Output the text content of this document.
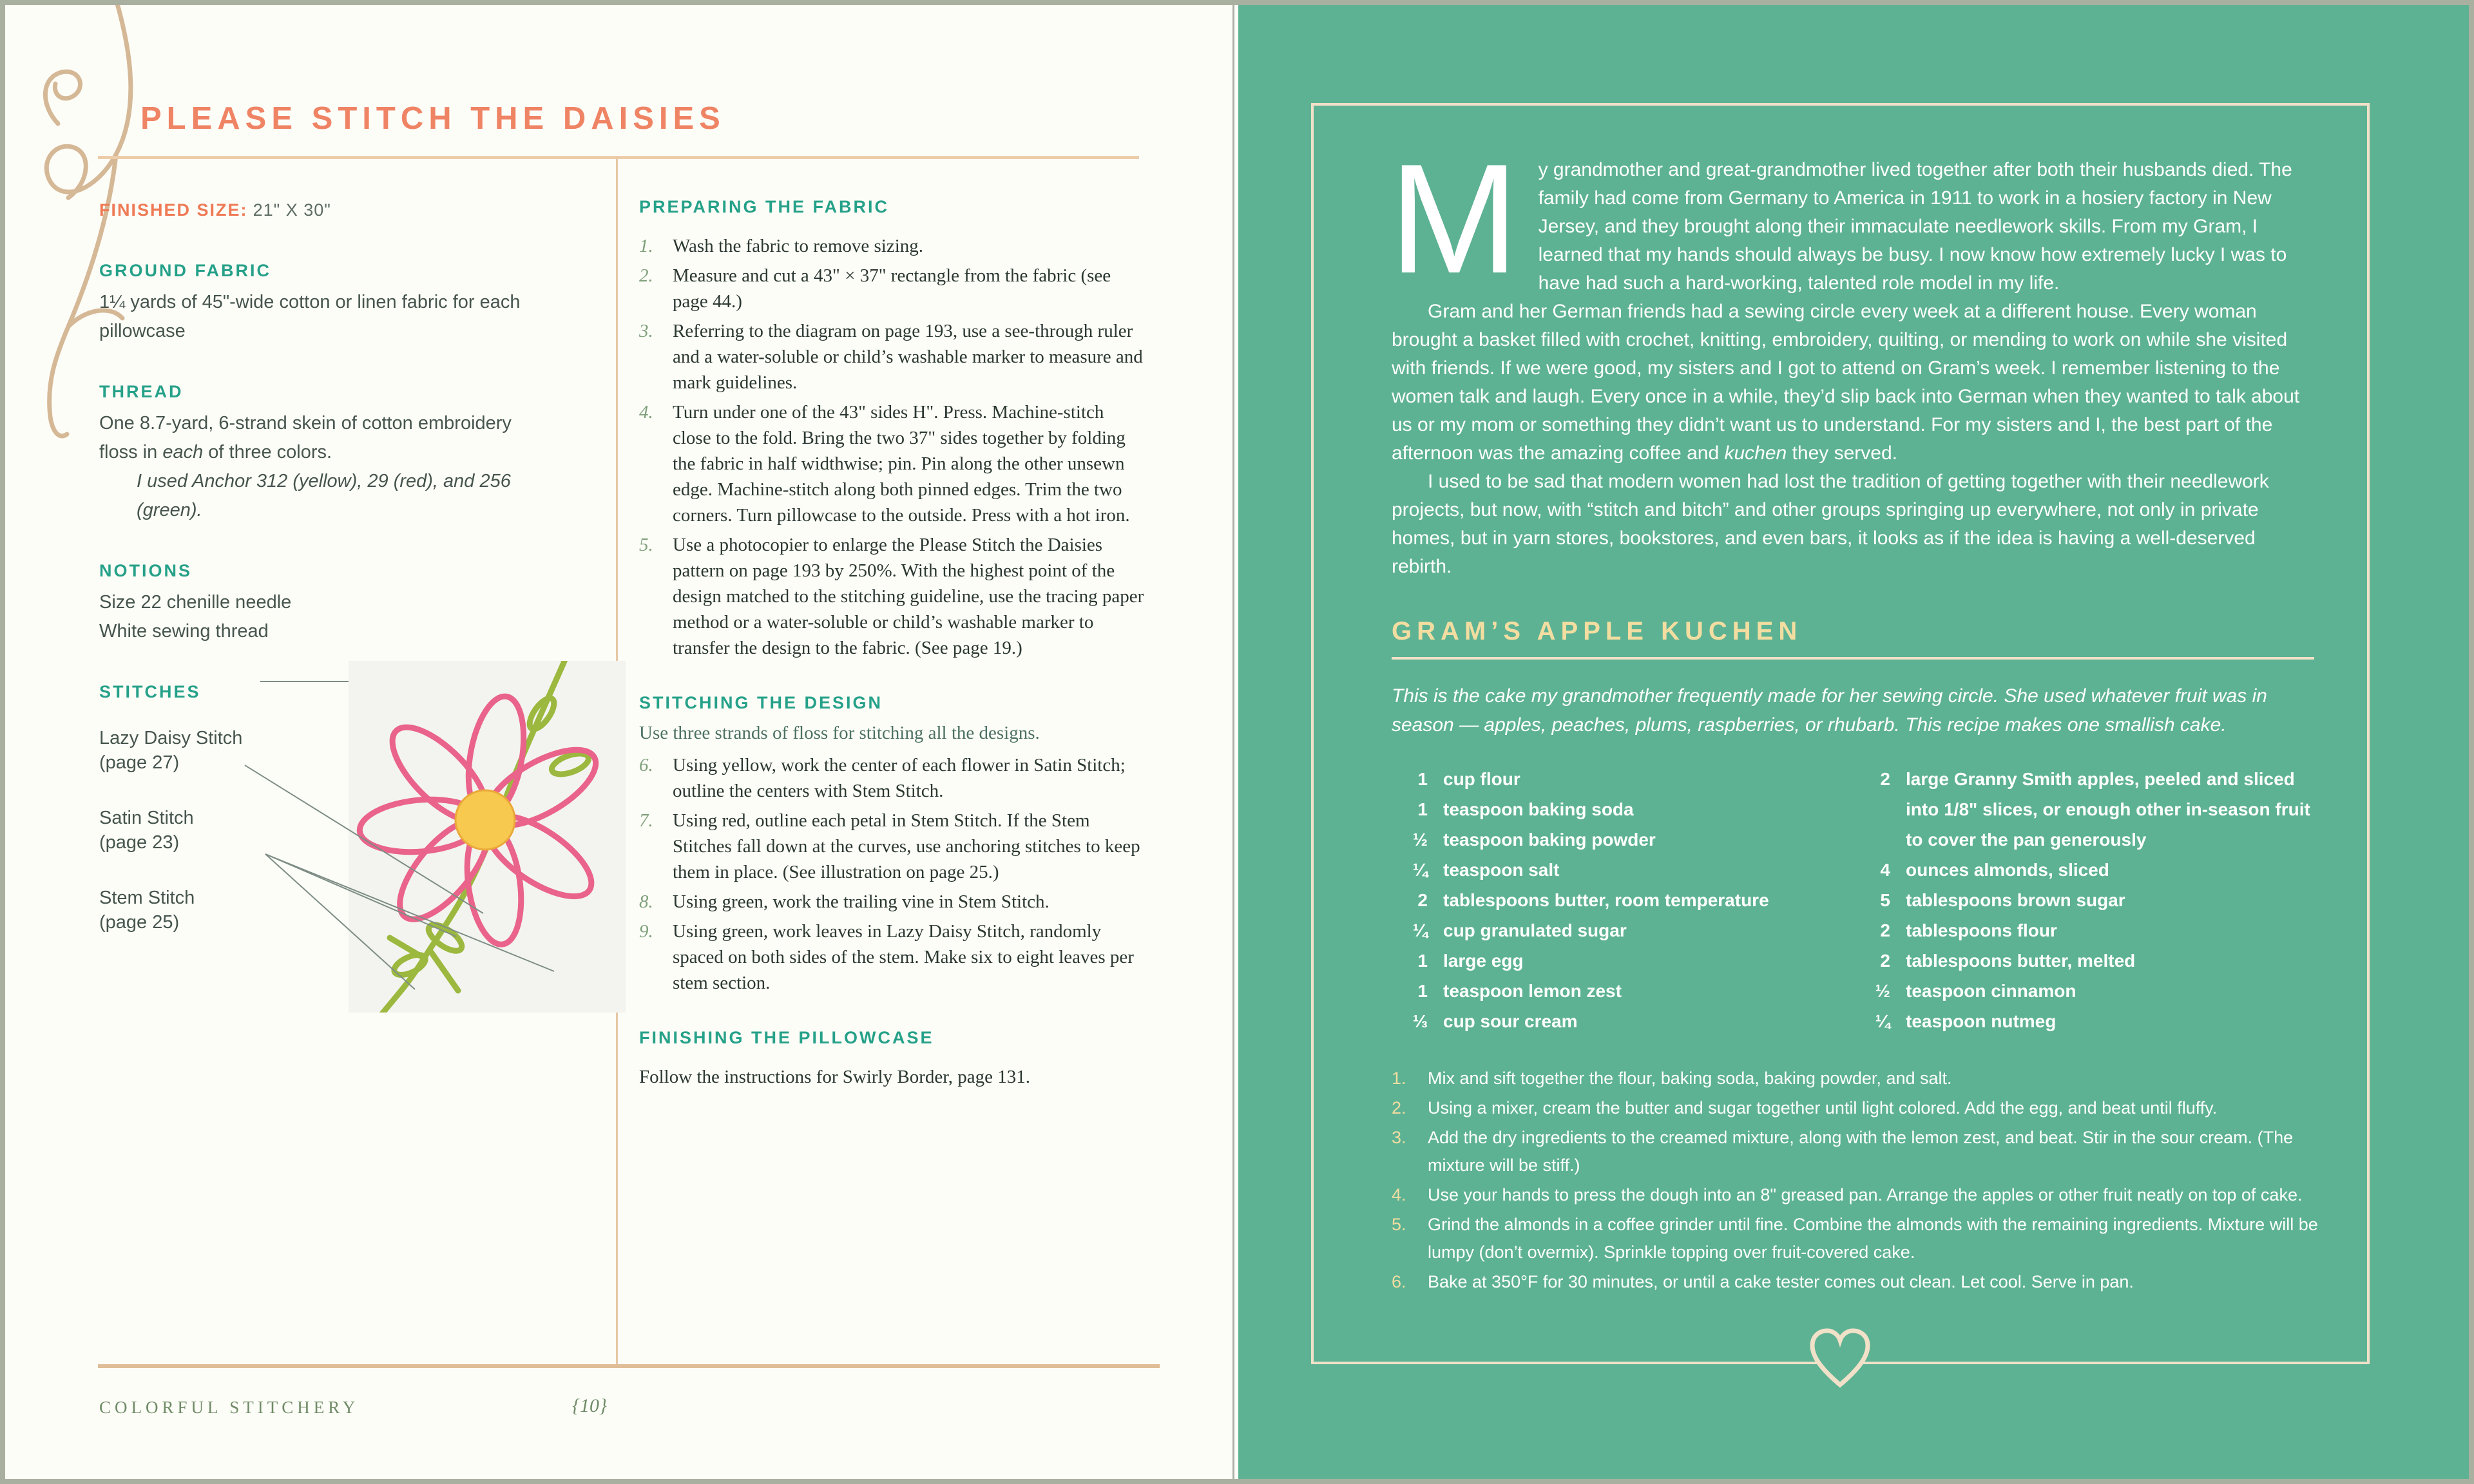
PLEASE STITCH THE DAISIES
FINISHED SIZE: 21" X 30"
GROUND FABRIC
1¼ yards of 45"-wide cotton or linen fabric for each pillowcase
THREAD
One 8.7-yard, 6-strand skein of cotton embroidery floss in each of three colors.
I used Anchor 312 (yellow), 29 (red), and 256 (green).
NOTIONS
Size 22 chenille needle
White sewing thread
STITCHES
Lazy Daisy Stitch
(page 27)
Satin Stitch
(page 23)
Stem Stitch
(page 25)
PREPARING THE FABRIC
1.	Wash the fabric to remove sizing.
2.	Measure and cut a 43" × 37" rectangle from the fabric (see page 44.)
3.	Referring to the diagram on page 193, use a see-through ruler and a water-soluble or child’s washable marker to measure and mark guidelines.
4.	Turn under one of the 43" sides H". Press. Machine-stitch close to the fold. Bring the two 37" sides together by folding the fabric in half widthwise; pin. Pin along the other unsewn edge. Machine-stitch along both pinned edges. Trim the two corners. Turn pillowcase to the outside. Press with a hot iron.
5.	Use a photocopier to enlarge the Please Stitch the Daisies pattern on page 193 by 250%. With the highest point of the design matched to the stitching guideline, use the tracing paper method or a water-soluble or child’s washable marker to transfer the design to the fabric. (See page 19.)
STITCHING THE DESIGN
Use three strands of floss for stitching all the designs.
6.	Using yellow, work the center of each flower in Satin Stitch; outline the centers with Stem Stitch.
7.	Using red, outline each petal in Stem Stitch. If the Stem Stitches fall down at the curves, use anchoring stitches to keep them in place. (See illustration on page 25.)
8.	Using green, work the trailing vine in Stem Stitch.
9.	Using green, work leaves in Lazy Daisy Stitch, randomly spaced on both sides of the stem. Make six to eight leaves per stem section.
FINISHING THE PILLOWCASE
Follow the instructions for Swirly Border, page 131.
COLORFUL STITCHERY	{10}

M y grandmother and great-grandmother lived together after both their husbands died. The family had come from Germany to America in 1911 to work in a hosiery factory in New Jersey, and they brought along their immaculate needlework skills. From my Gram, I learned that my hands should always be busy. I now know how extremely lucky I was to have had such a hard-working, talented role model in my life.

Gram and her German friends had a sewing circle every week at a different house. Every woman brought a basket filled with crochet, knitting, embroidery, quilting, or mending to work on while she visited with friends. If we were good, my sisters and I got to attend on Gram’s week. I remember listening to the women talk and laugh. Every once in a while, they’d slip back into German when they wanted to talk about us or my mom or something they didn’t want us to understand. For my sisters and I, the best part of the afternoon was the amazing coffee and kuchen they served.

I used to be sad that modern women had lost the tradition of getting together with their needlework projects, but now, with “stitch and bitch” and other groups springing up everywhere, not only in private homes, but in yarn stores, bookstores, and even bars, it looks as if the idea is having a well-deserved rebirth.

GRAM’S APPLE KUCHEN
This is the cake my grandmother frequently made for her sewing circle. She used whatever fruit was in season — apples, peaches, plums, raspberries, or rhubarb. This recipe makes one smallish cake.
1 cup flour
1 teaspoon baking soda
½ teaspoon baking powder
¼ teaspoon salt
2 tablespoons butter, room temperature
¼ cup granulated sugar
1 large egg
1 teaspoon lemon zest
⅓ cup sour cream
2 large Granny Smith apples, peeled and sliced into 1/8" slices, or enough other in-season fruit to cover the pan generously
4 ounces almonds, sliced
5 tablespoons brown sugar
2 tablespoons flour
2 tablespoons butter, melted
½ teaspoon cinnamon
¼ teaspoon nutmeg
1.	Mix and sift together the flour, baking soda, baking powder, and salt.
2.	Using a mixer, cream the butter and sugar together until light colored. Add the egg, and beat until fluffy.
3.	Add the dry ingredients to the creamed mixture, along with the lemon zest, and beat. Stir in the sour cream. (The mixture will be stiff.)
4.	Use your hands to press the dough into an 8" greased pan. Arrange the apples or other fruit neatly on top of cake.
5.	Grind the almonds in a coffee grinder until fine. Combine the almonds with the remaining ingredients. Mixture will be lumpy (don’t overmix). Sprinkle topping over fruit-covered cake.
6.	Bake at 350°F for 30 minutes, or until a cake tester comes out clean. Let cool. Serve in pan.
